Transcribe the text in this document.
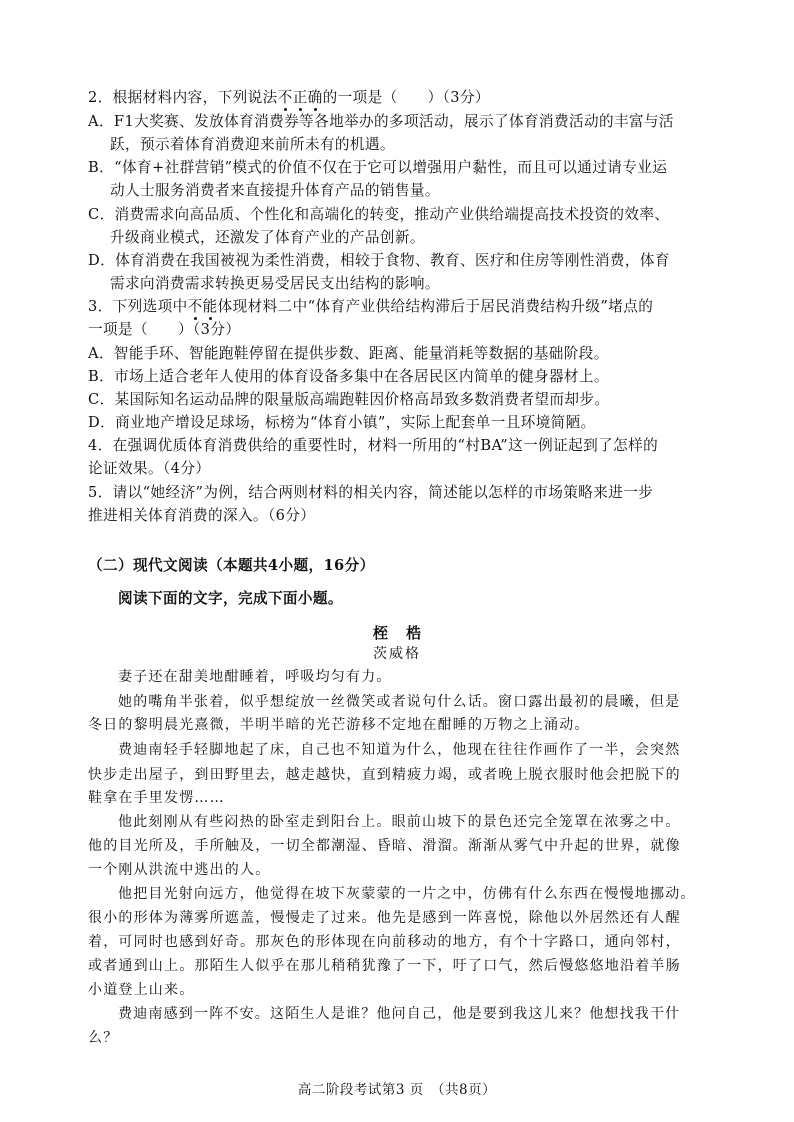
2．根据材料内容，下列说法不正确
的一项是（　　）（3分）
A．F1大奖赛、发放体育消费券等各地举办的多项活动，展示了体育消费活动的丰富与活
跃，预示着体育消费迎来前所未有的机遇。
B．“体育+社群营销”模式的价值不仅在于它可以增强用户黏性，而且可以通过请专业运
动人士服务消费者来直接提升体育产品的销售量。
C．消费需求向高品质、个性化和高端化的转变，推动产业供给端提高技术投资的效率、
升级商业模式，还激发了体育产业的产品创新。
D．体育消费在我国被视为柔性消费，相较于食物、教育、医疗和住房等刚性消费，体育
需求向消费需求转换更易受居民支出结构的影响。
3．下列选项中不能
体现材料二中“体育产业供给结构滞后于居民消费结构升级”堵点的
一项是（　　）（3分）
A．智能手环、智能跑鞋停留在提供步数、距离、能量消耗等数据的基础阶段。
B．市场上适合老年人使用的体育设备多集中在各居民区内简单的健身器材上。
C．某国际知名运动品牌的限量版高端跑鞋因价格高昂致多数消费者望而却步。
D．商业地产增设足球场，标榜为“体育小镇”，实际上配套单一且环境简陋。
4．在强调优质体育消费供给的重要性时，材料一所用的“村BA”这一例证起到了怎样的
论证效果。（4分）
5．请以“她经济”为例，结合两则材料的相关内容，简述能以怎样的市场策略来进一步
推进相关体育消费的深入。（6分）
（二）现代文阅读（本题共4小题，16分）
阅读下面的文字，完成下面小题。
桎梏
茨威格
妻子还在甜美地酣睡着，呼吸均匀有力。
她的嘴角半张着，似乎想绽放一丝微笑或者说句什么话。窗口露出最初的晨曦，但是
冬日的黎明晨光熹微，半明半暗的光芒游移不定地在酣睡的万物之上涌动。
费迪南轻手轻脚地起了床，自己也不知道为什么，他现在往往作画作了一半，会突然
快步走出屋子，到田野里去，越走越快，直到精疲力竭，或者晚上脱衣服时他会把脱下的
鞋拿在手里发愣……
他此刻刚从有些闷热的卧室走到阳台上。眼前山坡下的景色还完全笼罩在浓雾之中。
他的目光所及，手所触及，一切全都潮湿、昏暗、滑溜。渐渐从雾气中升起的世界，就像
一个刚从洪流中逃出的人。
他把目光射向远方，他觉得在坡下灰蒙蒙的一片之中，仿佛有什么东西在慢慢地挪动。
很小的形体为薄雾所遮盖，慢慢走了过来。他先是感到一阵喜悦，除他以外居然还有人醒
着，可同时也感到好奇。那灰色的形体现在向前移动的地方，有个十字路口，通向邻村，
或者通到山上。那陌生人似乎在那儿稍稍犹豫了一下，吁了口气，然后慢悠悠地沿着羊肠
小道登上山来。
费迪南感到一阵不安。这陌生人是谁？他问自己，他是要到我这儿来？他想找我干什
么？
高二阶段考试第3 页　（共8页）
